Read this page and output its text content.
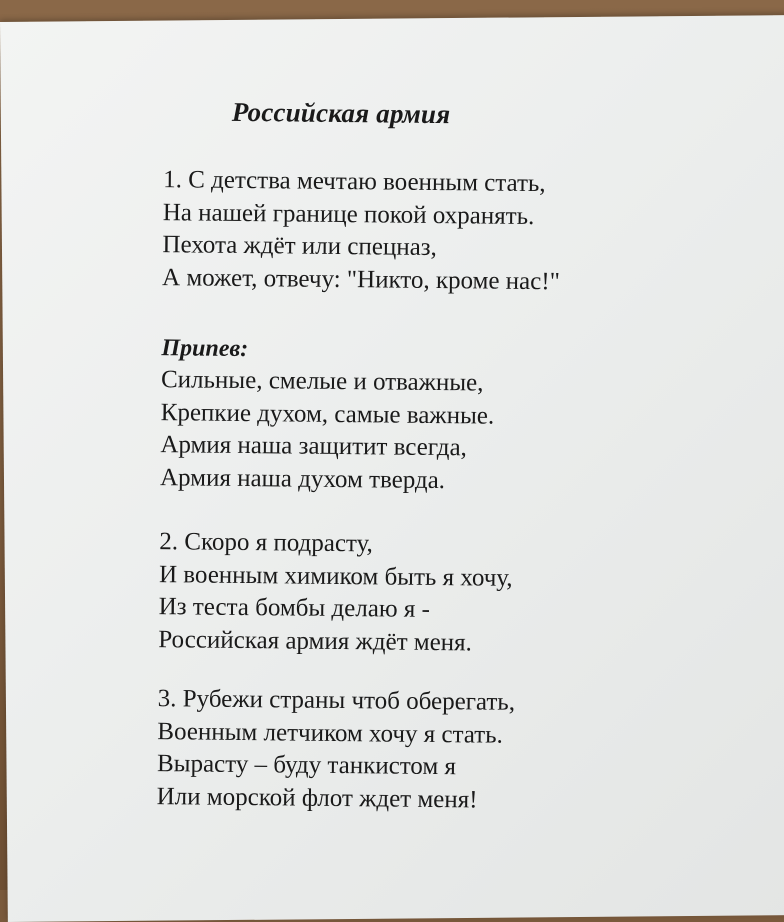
Российская армия
1. С детства мечтаю военным стать,
На нашей границе покой охранять.
Пехота ждёт или спецназ,
А может, отвечу: "Никто, кроме нас!"
Припев:
Сильные, смелые и отважные,
Крепкие духом, самые важные.
Армия наша защитит всегда,
Армия наша духом тверда.
2. Скоро я подрасту,
И военным химиком быть я хочу,
Из теста бомбы делаю я -
Российская армия ждёт меня.
3. Рубежи страны чтоб оберегать,
Военным летчиком хочу я стать.
Вырасту – буду танкистом я
Или морской флот ждет меня!
